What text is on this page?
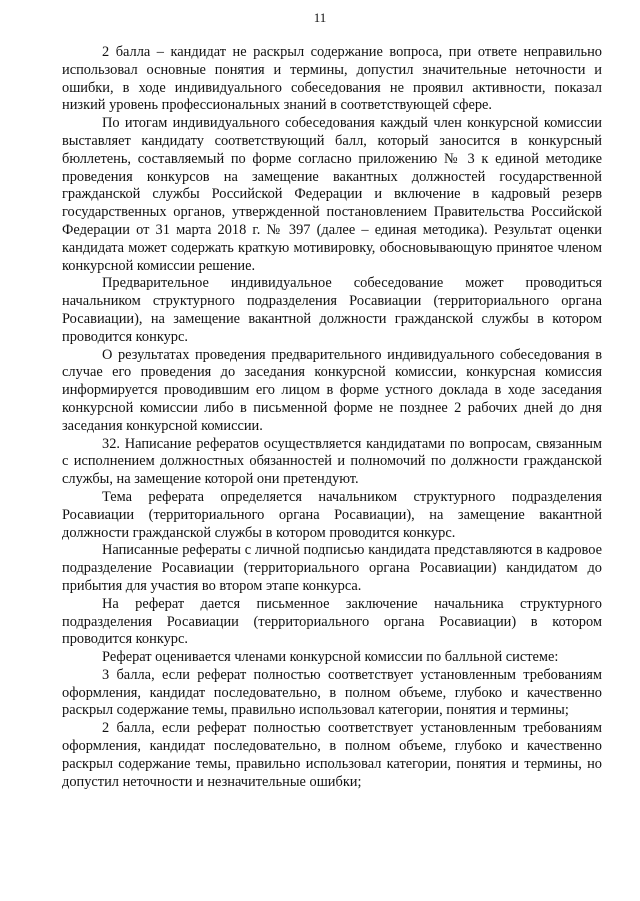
11

2 балла – кандидат не раскрыл содержание вопроса, при ответе неправильно использовал основные понятия и термины, допустил значительные неточности и ошибки, в ходе индивидуального собеседования не проявил активности, показал низкий уровень профессиональных знаний в соответствующей сфере.

По итогам индивидуального собеседования каждый член конкурсной комиссии выставляет кандидату соответствующий балл, который заносится в конкурсный бюллетень, составляемый по форме согласно приложению № 3 к единой методике проведения конкурсов на замещение вакантных должностей государственной гражданской службы Российской Федерации и включение в кадровый резерв государственных органов, утвержденной постановлением Правительства Российской Федерации от 31 марта 2018 г. № 397 (далее – единая методика). Результат оценки кандидата может содержать краткую мотивировку, обосновывающую принятое членом конкурсной комиссии решение.

Предварительное индивидуальное собеседование может проводиться начальником структурного подразделения Росавиации (территориального органа Росавиации), на замещение вакантной должности гражданской службы в котором проводится конкурс.

О результатах проведения предварительного индивидуального собеседования в случае его проведения до заседания конкурсной комиссии, конкурсная комиссия информируется проводившим его лицом в форме устного доклада в ходе заседания конкурсной комиссии либо в письменной форме не позднее 2 рабочих дней до дня заседания конкурсной комиссии.

32. Написание рефератов осуществляется кандидатами по вопросам, связанным с исполнением должностных обязанностей и полномочий по должности гражданской службы, на замещение которой они претендуют.

Тема реферата определяется начальником структурного подразделения Росавиации (территориального органа Росавиации), на замещение вакантной должности гражданской службы в котором проводится конкурс.

Написанные рефераты с личной подписью кандидата представляются в кадровое подразделение Росавиации (территориального органа Росавиации) кандидатом до прибытия для участия во втором этапе конкурса.

На реферат дается письменное заключение начальника структурного подразделения Росавиации (территориального органа Росавиации) в котором проводится конкурс.

Реферат оценивается членами конкурсной комиссии по балльной системе:

3 балла, если реферат полностью соответствует установленным требованиям оформления, кандидат последовательно, в полном объеме, глубоко и качественно раскрыл содержание темы, правильно использовал категории, понятия и термины;

2 балла, если реферат полностью соответствует установленным требованиям оформления, кандидат последовательно, в полном объеме, глубоко и качественно раскрыл содержание темы, правильно использовал категории, понятия и термины, но допустил неточности и незначительные ошибки;
